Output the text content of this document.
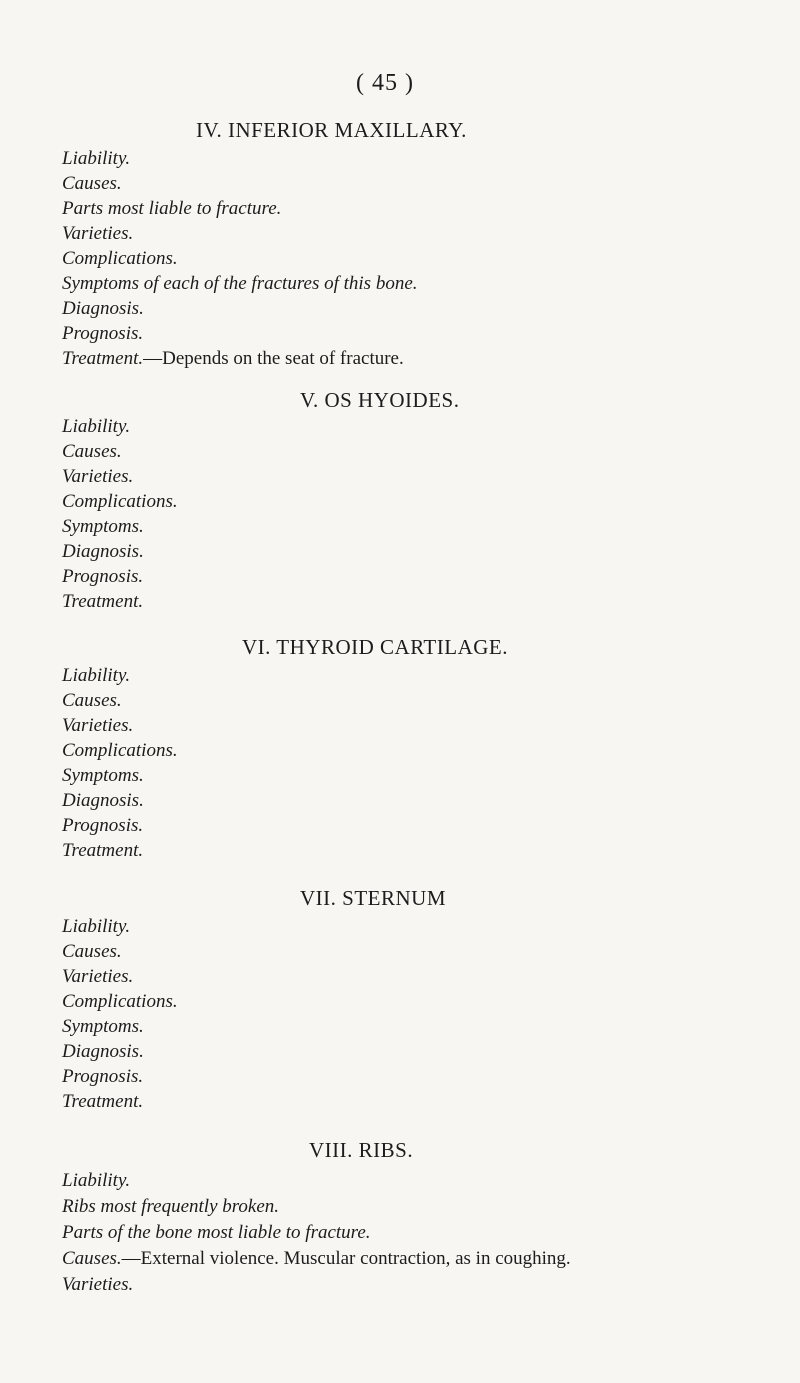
( 45 )
IV. INFERIOR MAXILLARY.
Liability.
Causes.
Parts most liable to fracture.
Varieties.
Complications.
Symptoms of each of the fractures of this bone.
Diagnosis.
Prognosis.
Treatment.—Depends on the seat of fracture.
V. OS HYOIDES.
Liability.
Causes.
Varieties.
Complications.
Symptoms.
Diagnosis.
Prognosis.
Treatment.
VI. THYROID CARTILAGE.
Liability.
Causes.
Varieties.
Complications.
Symptoms.
Diagnosis.
Prognosis.
Treatment.
VII. STERNUM
Liability.
Causes.
Varieties.
Complications.
Symptoms.
Diagnosis.
Prognosis.
Treatment.
VIII. RIBS.
Liability.
Ribs most frequently broken.
Parts of the bone most liable to fracture.
Causes.—External violence. Muscular contraction, as in coughing.
Varieties.
